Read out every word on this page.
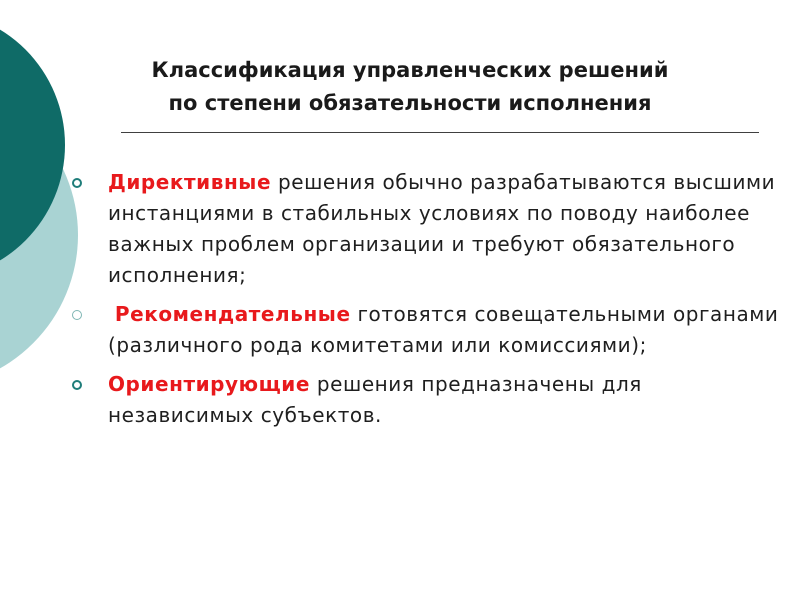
Классификация управленческих решений
по степени обязательности исполнения
Директивные решения обычно разрабатываются высшими инстанциями в стабильных условиях по поводу наиболее важных проблем организации и требуют обязательного исполнения;
Рекомендательные готовятся совещательными органами (различного рода комитетами или комиссиями);
Ориентирующие решения предназначены для независимых субъектов.
